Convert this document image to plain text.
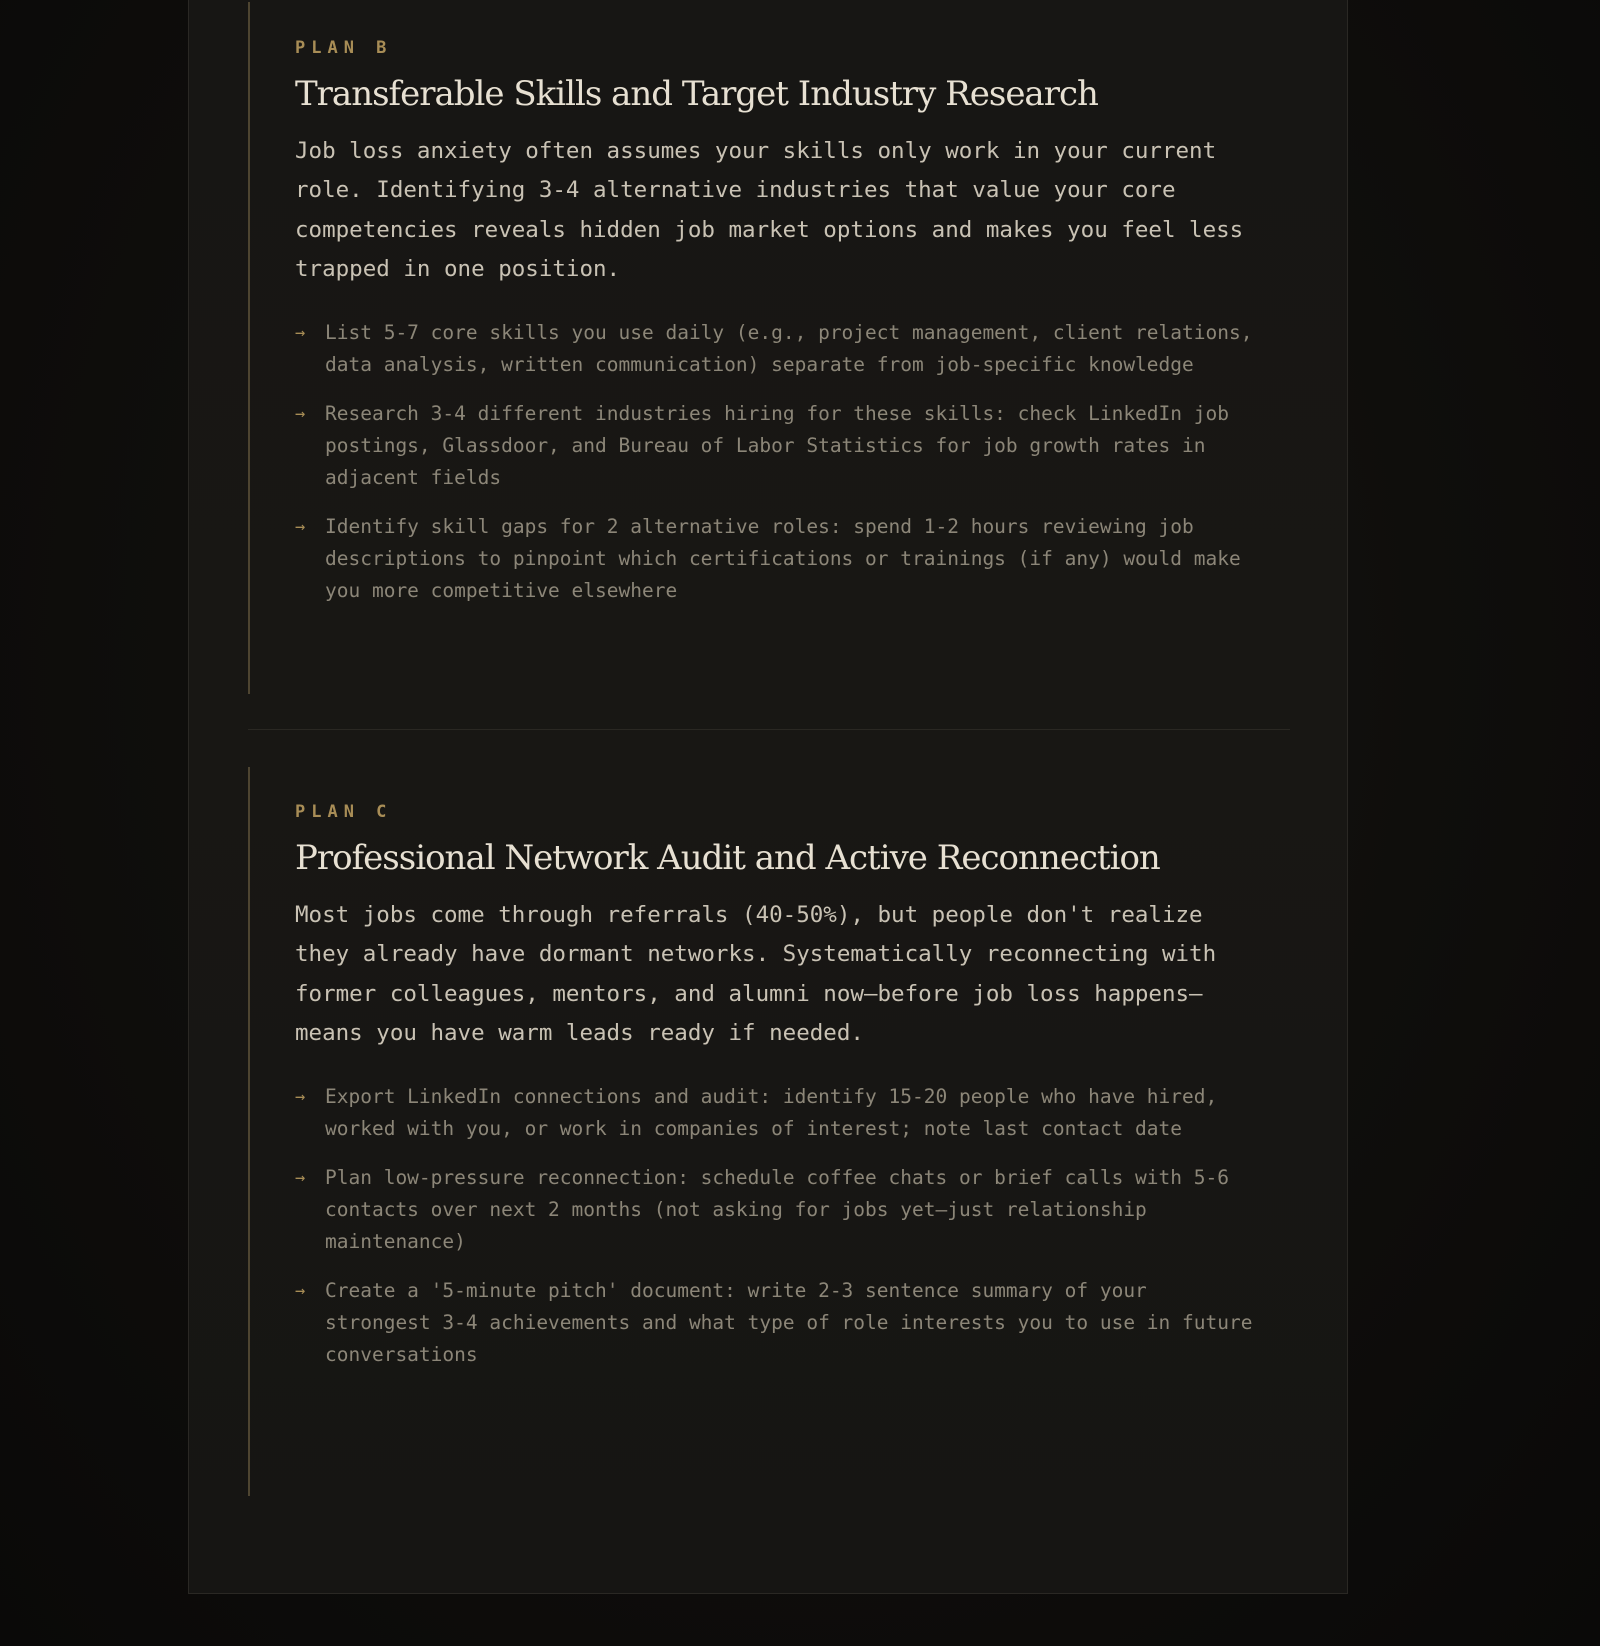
PLAN B

Transferable Skills and Target Industry Research

Job loss anxiety often assumes your skills only work in your current role. Identifying 3-4 alternative industries that value your core competencies reveals hidden job market options and makes you feel less trapped in one position.

→ List 5-7 core skills you use daily (e.g., project management, client relations, data analysis, written communication) separate from job-specific knowledge
→ Research 3-4 different industries hiring for these skills: check LinkedIn job postings, Glassdoor, and Bureau of Labor Statistics for job growth rates in adjacent fields
→ Identify skill gaps for 2 alternative roles: spend 1-2 hours reviewing job descriptions to pinpoint which certifications or trainings (if any) would make you more competitive elsewhere

PLAN C

Professional Network Audit and Active Reconnection

Most jobs come through referrals (40-50%), but people don't realize they already have dormant networks. Systematically reconnecting with former colleagues, mentors, and alumni now—before job loss happens—means you have warm leads ready if needed.

→ Export LinkedIn connections and audit: identify 15-20 people who have hired, worked with you, or work in companies of interest; note last contact date
→ Plan low-pressure reconnection: schedule coffee chats or brief calls with 5-6 contacts over next 2 months (not asking for jobs yet—just relationship maintenance)
→ Create a '5-minute pitch' document: write 2-3 sentence summary of your strongest 3-4 achievements and what type of role interests you to use in future conversations
